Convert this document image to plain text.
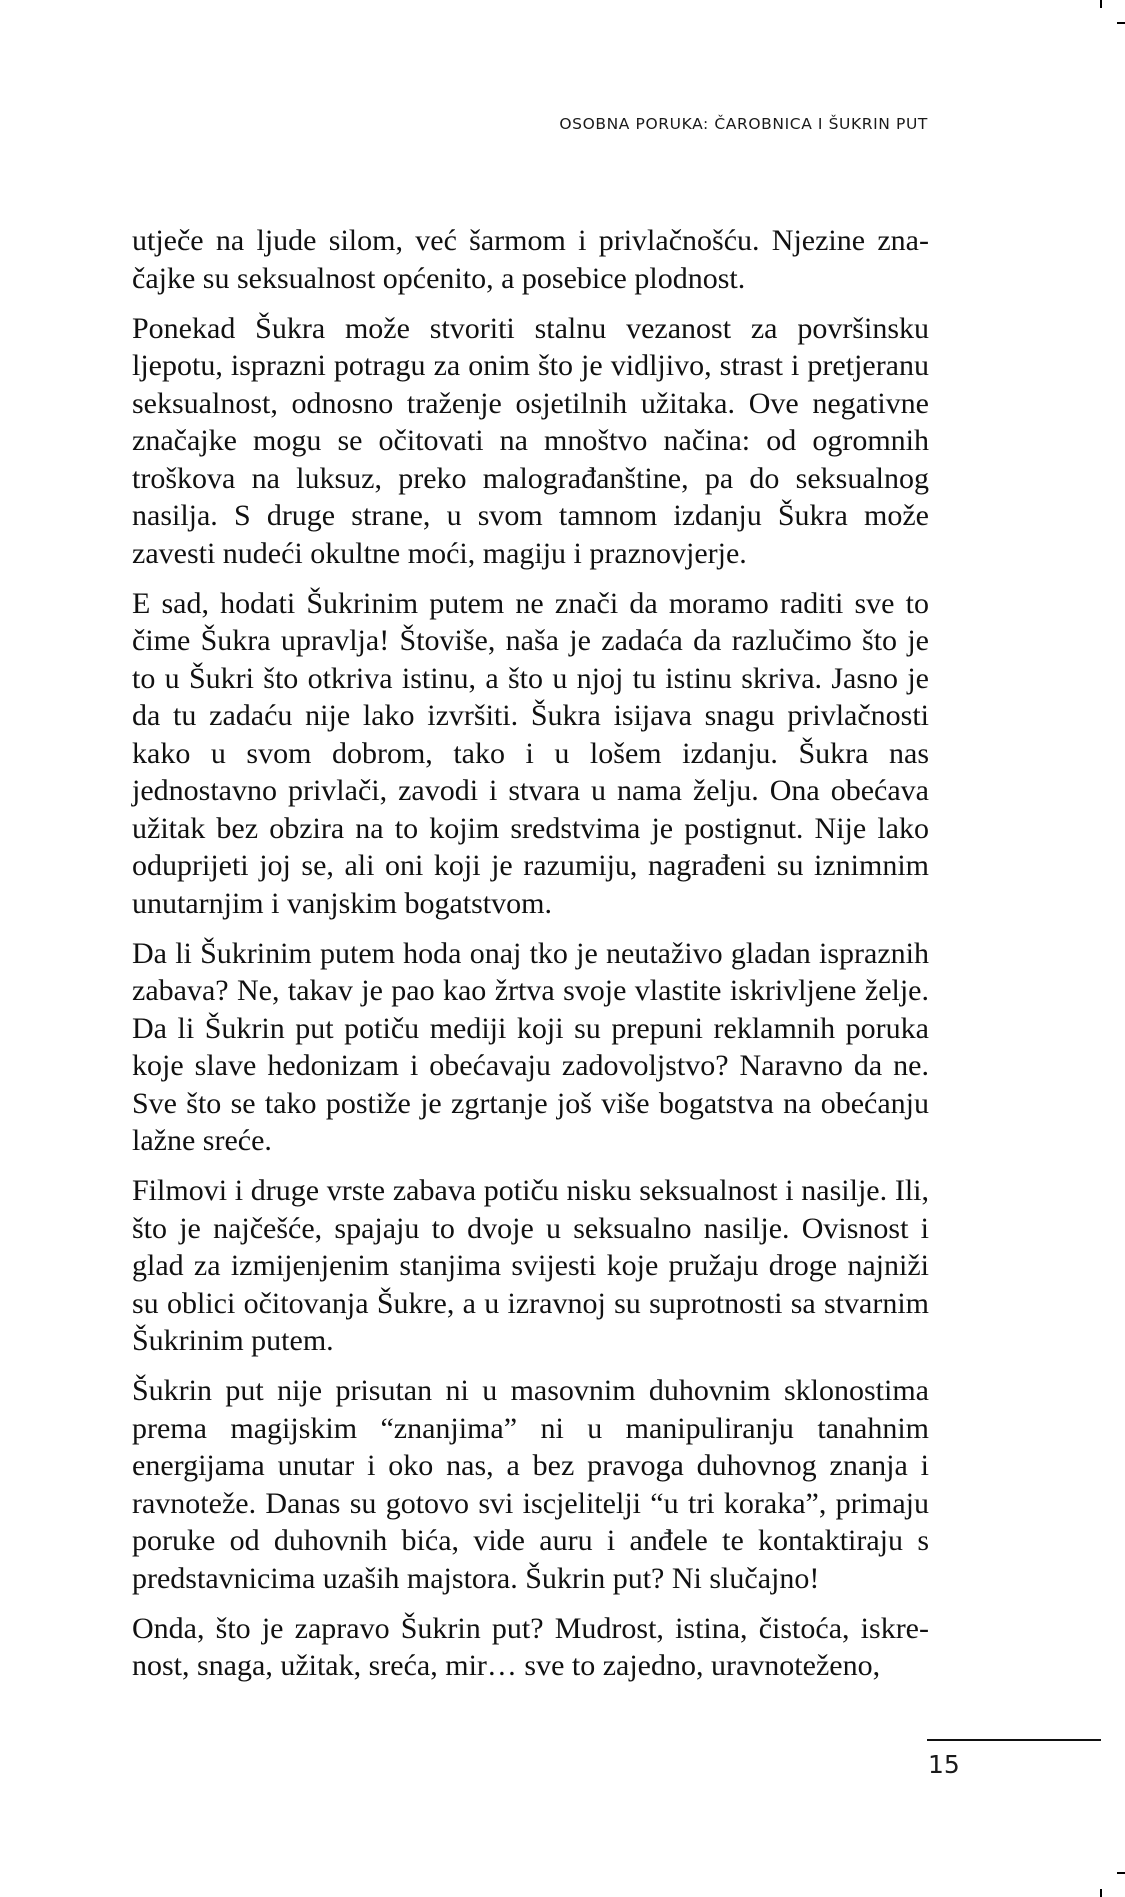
OSOBNA PORUKA: ČAROBNICA I ŠUKRIN PUT

utječe na ljude silom, već šarmom i privlačnošću. Njezine značajke su seksualnost općenito, a posebice plodnost.

Ponekad Šukra može stvoriti stalnu vezanost za površinsku ljepotu, isprazni potragu za onim što je vidljivo, strast i pretjeranu seksualnost, odnosno traženje osjetilnih užitaka. Ove negativne značajke mogu se očitovati na mnoštvo načina: od ogromnih troškova na luksuz, preko malograđanštine, pa do seksualnog nasilja. S druge strane, u svom tamnom izdanju Šukra može zavesti nudeći okultne moći, magiju i praznovjerje.

E sad, hodati Šukrinim putem ne znači da moramo raditi sve to čime Šukra upravlja! Štoviše, naša je zadaća da razlučimo što je to u Šukri što otkriva istinu, a što u njoj tu istinu skriva. Jasno je da tu zadaću nije lako izvršiti. Šukra isijava snagu privlačnosti kako u svom dobrom, tako i u lošem izdanju. Šukra nas jednostavno privlači, zavodi i stvara u nama želju. Ona obećava užitak bez obzira na to kojim sredstvima je postignut. Nije lako oduprijeti joj se, ali oni koji je razumiju, nagrađeni su iznimnim unutarnjim i vanjskim bogatstvom.

Da li Šukrinim putem hoda onaj tko je neutaživo gladan ispraznih zabava? Ne, takav je pao kao žrtva svoje vlastite iskrivljene želje. Da li Šukrin put potiču mediji koji su prepuni reklamnih poruka koje slave hedonizam i obećavaju zadovoljstvo? Naravno da ne. Sve što se tako postiže je zgrtanje još više bogatstva na obećanju lažne sreće.

Filmovi i druge vrste zabava potiču nisku seksualnost i nasilje. Ili, što je najčešće, spajaju to dvoje u seksualno nasilje. Ovisnost i glad za izmijenjenim stanjima svijesti koje pružaju droge najniži su oblici očitovanja Šukre, a u izravnoj su suprotnosti sa stvarnim Šukrinim putem.

Šukrin put nije prisutan ni u masovnim duhovnim sklonostima prema magijskim “znanjima” ni u manipuliranju tanahnim energijama unutar i oko nas, a bez pravoga duhovnog znanja i ravnoteže. Danas su gotovo svi iscjelitelji “u tri koraka”, primaju poruke od duhovnih bića, vide auru i anđele te kontaktiraju s predstavnicima uzaših majstora. Šukrin put? Ni slučajno!

Onda, što je zapravo Šukrin put? Mudrost, istina, čistoća, iskrenost, snaga, užitak, sreća, mir… sve to zajedno, uravnoteženo,

15
